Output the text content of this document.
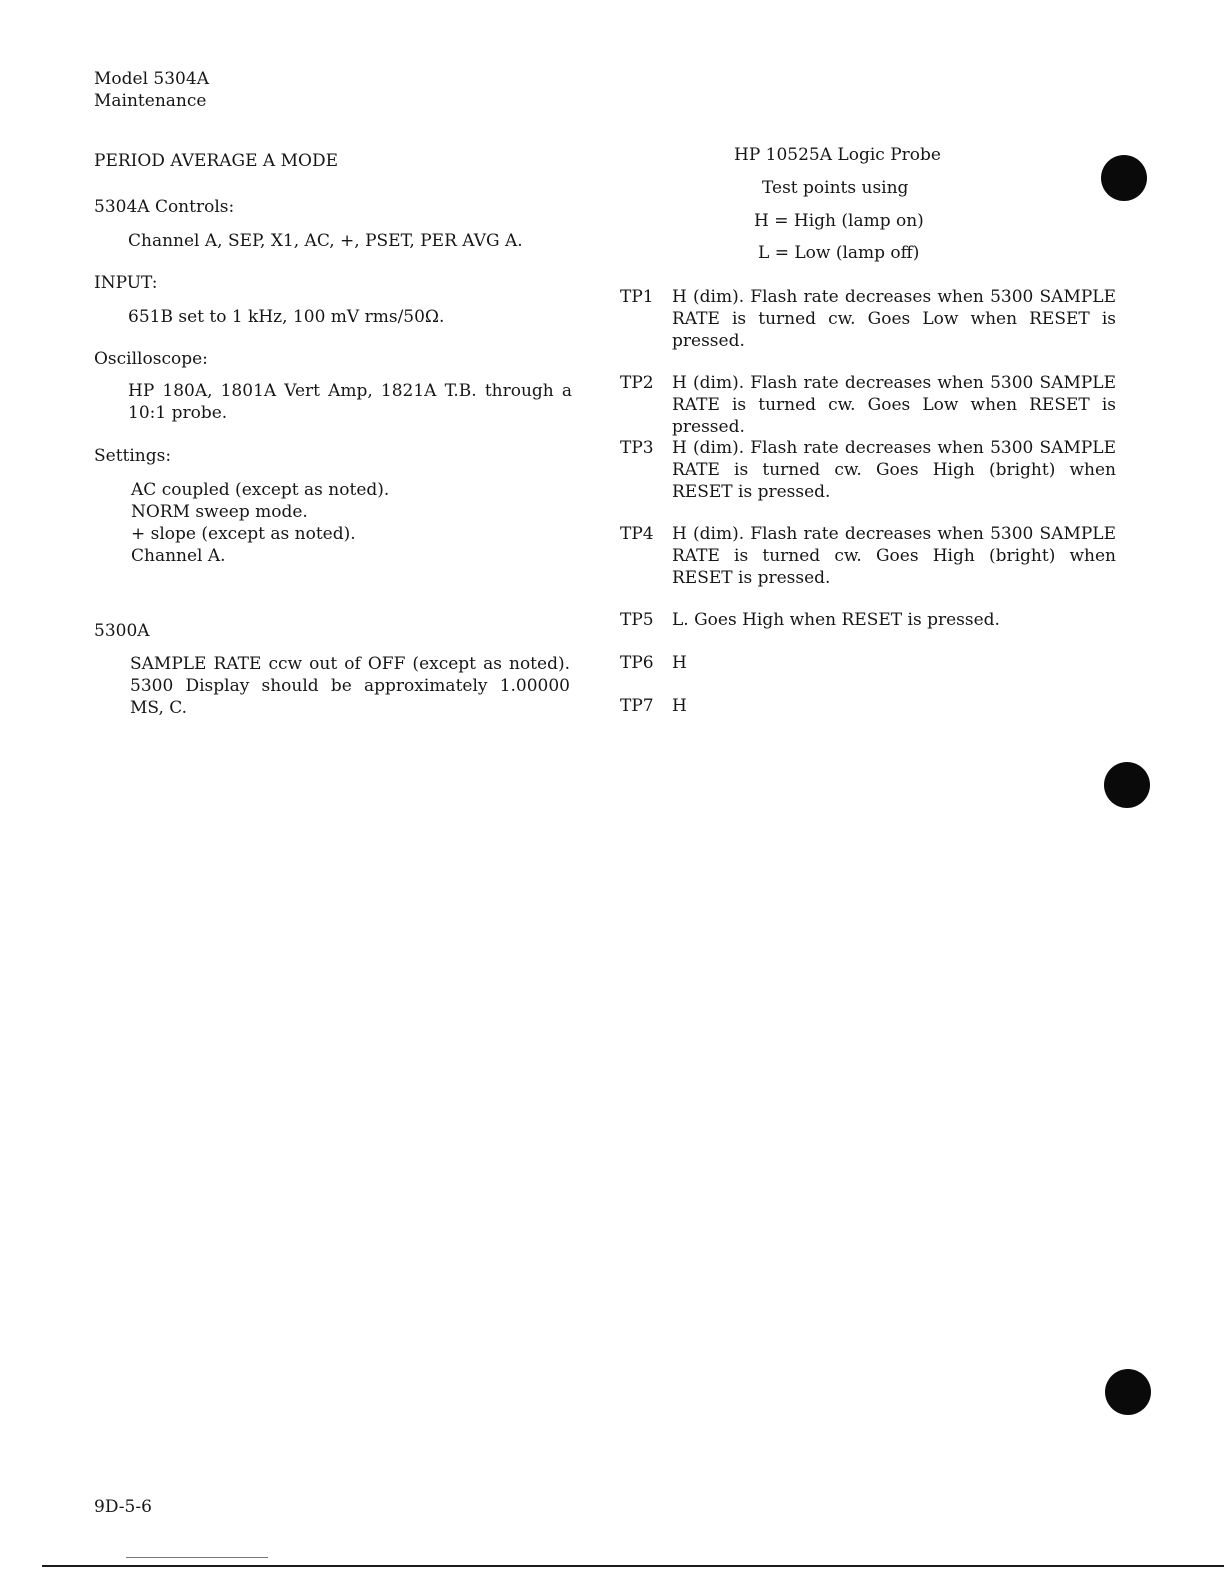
Model 5304A
Maintenance
PERIOD AVERAGE A MODE
5304A Controls:
Channel A, SEP, X1, AC, +, PSET, PER AVG A.
INPUT:
651B set to 1 kHz, 100 mV rms/50Ω.
Oscilloscope:
HP 180A, 1801A Vert Amp, 1821A T.B. through a 10:1 probe.
Settings:
AC coupled (except as noted).
NORM sweep mode.
+ slope (except as noted).
Channel A.
5300A
SAMPLE RATE ccw out of OFF (except as noted). 5300 Display should be approximately 1.00000 MS, C.
HP 10525A Logic Probe
Test points using
H = High (lamp on)
L = Low (lamp off)
TP1 H (dim). Flash rate decreases when 5300 SAMPLE RATE is turned cw. Goes Low when RESET is pressed.
TP2 H (dim). Flash rate decreases when 5300 SAMPLE RATE is turned cw. Goes Low when RESET is pressed.
TP3 H (dim). Flash rate decreases when 5300 SAMPLE RATE is turned cw. Goes High (bright) when RESET is pressed.
TP4 H (dim). Flash rate decreases when 5300 SAMPLE RATE is turned cw. Goes High (bright) when RESET is pressed.
TP5 L. Goes High when RESET is pressed.
TP6 H
TP7 H
9D-5-6
